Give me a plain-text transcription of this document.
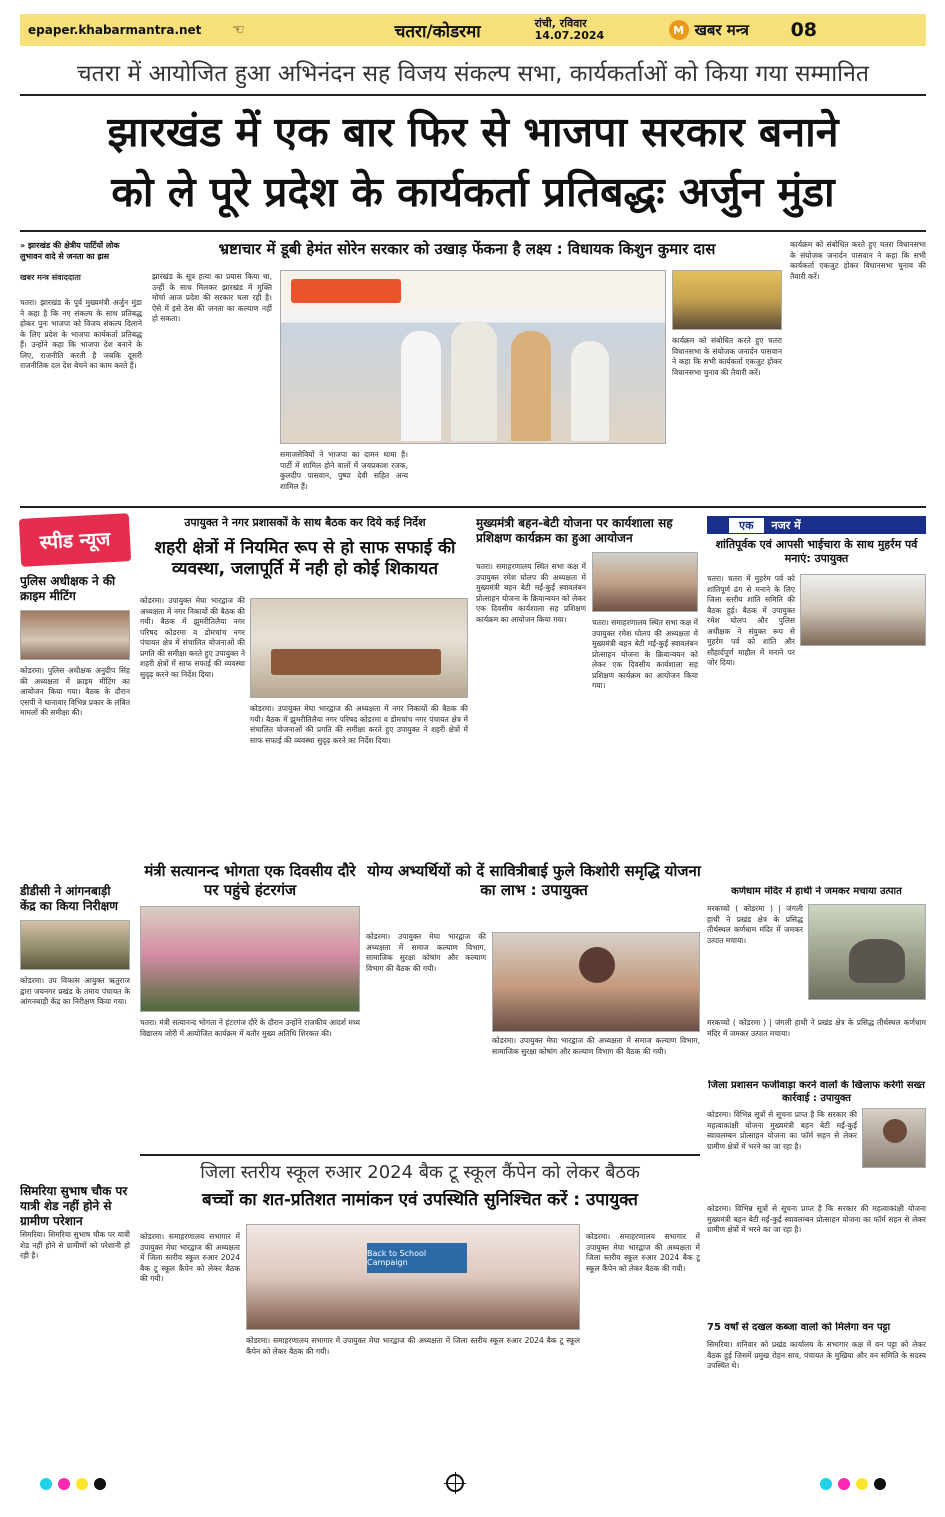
epaper.khabarmantra.net	☜	चतरा/कोडरमा	रांची, रविवार
14.07.2024	M खबर मन्त्र	08
चतरा में आयोजित हुआ अभिनंदन सह विजय संकल्प सभा, कार्यकर्ताओं को किया गया सम्मानित
झारखंड में एक बार फिर से भाजपा सरकार बनाने
को ले पूरे प्रदेश के कार्यकर्ता प्रतिबद्धः अर्जुन मुंडा
» झारखंड की क्षेत्रीय पार्टियों लोक लुभावन वादे से जनता का ह्रास
खबर मन्त्र संवाददाता
चतरा। झारखंड के पूर्व मुख्यमंत्री अर्जुन मुंडा ने कहा है कि नए संकल्प के साथ प्रतिबद्ध होकर पुनः भाजपा को विजय संकल्प दिलाने के लिए प्रदेश के भाजपा कार्यकर्ता प्रतिबद्ध हैं। उन्होंने कहा कि भाजपा देश बनाने के लिए, राजनीति करती है जबकि दूसरी राजनीतिक दल देश बेचने का काम करते हैं।
भ्रष्टाचार में डूबी हेमंत सोरेन सरकार को उखाड़ फेंकना है लक्ष्य : विधायक किशुन कुमार दास
झारखंड के सूत्र हत्या का प्रयास किया था, उन्हीं के साथ मिलकर झारखंड में मुक्ति मोर्चा आज प्रदेश की सरकार चला रही है। ऐसे में इसे ठेस की जनता का कल्याण नहीं हो सकता।
समाजसेवियों ने भाजपा का दामन थामा है। पार्टी में शामिल होने वालों में जयप्रकाश रजक, कुलदीप पासवान, पुष्पा देवी सहित अन्य शामिल हैं।
कार्यक्रम को संबोधित करते हुए चतरा विधानसभा के संयोजक जनार्दन पासवान ने कहा कि सभी कार्यकर्ता एकजुट होकर विधानसभा चुनाव की तैयारी करें।
कार्यक्रम को संबोधित करते हुए चतरा विधानसभा के संयोजक जनार्दन पासवान ने कहा कि सभी कार्यकर्ता एकजुट होकर विधानसभा चुनाव की तैयारी करें।
स्पीड न्यूज
पुलिस अधीक्षक ने की क्राइम मीटिंग
कोडरमा। पुलिस अधीक्षक अनुदीप सिंह की अध्यक्षता में क्राइम मीटिंग का आयोजन किया गया। बैठक के दौरान एसपी ने थानावार विभिन्न प्रकार के लंबित मामलों की समीक्षा की।
डीडीसी ने आंगनबाड़ी केंद्र का किया निरीक्षण
कोडरमा। उप विकास आयुक्त ऋतुराज द्वारा जयनगर प्रखंड के तमाय पंचायत के आंगनबाड़ी केंद्र का निरीक्षण किया गया।
सिमरिया सुभाष चौक पर यात्री शेड नहीं होने से ग्रामीण परेशान
सिमरिया। सिमरिया सुभाष चौक पर यात्री शेड नहीं होने से ग्रामीणों को परेशानी हो रही है।
उपायुक्त ने नगर प्रशासकों के साथ बैठक कर दिये कई निर्देश
शहरी क्षेत्रों में नियमित रूप से हो साफ सफाई की व्यवस्था, जलापूर्ति में नही हो कोई शिकायत
कोडरमा। उपायुक्त मेघा भारद्वाज की अध्यक्षता में नगर निकायों की बैठक की गयी। बैठक में झुमरीतिलैया नगर परिषद कोडरमा व डोमचांच नगर पंचायत क्षेत्र में संचालित योजनाओं की प्रगति की समीक्षा करते हुए उपायुक्त ने शहरी क्षेत्रों में साफ सफाई की व्यवस्था सुदृढ़ करने का निर्देश दिया।
कोडरमा। उपायुक्त मेघा भारद्वाज की अध्यक्षता में नगर निकायों की बैठक की गयी। बैठक में झुमरीतिलैया नगर परिषद कोडरमा व डोमचांच नगर पंचायत क्षेत्र में संचालित योजनाओं की प्रगति की समीक्षा करते हुए उपायुक्त ने शहरी क्षेत्रों में साफ सफाई की व्यवस्था सुदृढ़ करने का निर्देश दिया।
मुख्यमंत्री बहन-बेटी योजना पर कार्यशाला सह प्रशिक्षण कार्यक्रम का हुआ आयोजन
चतरा। समाहरणालय स्थित सभा कक्ष में उपायुक्त रमेश घोलप की अध्यक्षता में मुख्यमंत्री बहन बेटी मईं-कुईं स्वावलंबन प्रोत्साहन योजना के क्रियान्वयन को लेकर एक दिवसीय कार्यशाला सह प्रशिक्षण कार्यक्रम का आयोजन किया गया।	चतरा। समाहरणालय स्थित सभा कक्ष में उपायुक्त रमेश घोलप की अध्यक्षता में मुख्यमंत्री बहन बेटी मईं-कुईं स्वावलंबन प्रोत्साहन योजना के क्रियान्वयन को लेकर एक दिवसीय कार्यशाला सह प्रशिक्षण कार्यक्रम का आयोजन किया गया।
एक	नजर में
शांतिपूर्वक एवं आपसी भाईचारा के साथ मुहर्रम पर्व मनाएं: उपायुक्त
चतरा। चतरा में मुहर्रम पर्व को शांतिपूर्ण ढंग से मनाने के लिए जिला स्तरीय शांति समिति की बैठक हुई। बैठक में उपायुक्त रमेश घोलप और पुलिस अधीक्षक ने संयुक्त रूप से मुहर्रम पर्व को शांति और सौहार्दपूर्ण माहौल में मनाने पर जोर दिया।
कर्णधाम मंदिर में हाथी ने जमकर मचाया उत्पात
मरकच्चो ( कोडरमा ) | जंगली हाथी ने प्रखंड क्षेत्र के प्रसिद्ध तीर्थस्थल कर्णधाम मंदिर में जमकर उत्पात मचाया।
मरकच्चो ( कोडरमा ) | जंगली हाथी ने प्रखंड क्षेत्र के प्रसिद्ध तीर्थस्थल कर्णधाम मंदिर में जमकर उत्पात मचाया।
जिला प्रशासन फर्जीवाड़ा करने वालों के खिलाफ करेगी सख्त कार्रवाई : उपायुक्त
कोडरमा। विभिन्न सूत्रों से सूचना प्राप्त है कि सरकार की महत्वाकांक्षी योजना मुख्यमंत्री बहन बेटी मईं-कुईं स्वावलम्बन प्रोत्साहन योजना का फॉर्म सहन से लेकर ग्रामीण क्षेत्रों में भरने का जा रहा है।
कोडरमा। विभिन्न सूत्रों से सूचना प्राप्त है कि सरकार की महत्वाकांक्षी योजना मुख्यमंत्री बहन बेटी मईं-कुईं स्वावलम्बन प्रोत्साहन योजना का फॉर्म सहन से लेकर ग्रामीण क्षेत्रों में भरने का जा रहा है।
75 वर्षों से दखल कब्जा वालो को मिलेगा वन पट्टा
सिमरिया। शनिवार को प्रखंड कार्यालय के सभागार कक्ष में वन पट्टा को लेकर बैठक हुई जिसमें प्रमुख रोहन साव, पंचायत के मुखिया और वन समिति के सदस्य उपस्थित थे।
मंत्री सत्यानन्द भोगता एक दिवसीय दौरे पर पहुंचे हंटरगंज
चतरा। मंत्री सत्यानन्द भोगता ने हंटरगंज दौरे के दौरान उन्होंने राजकीय आदर्श मध्य विद्यालय जोरी में आयोजित कार्यक्रम में बतौर मुख्य अतिथि शिरकत की।
योग्य अभ्यर्थियों को दें सावित्रीबाई फुले किशोरी समृद्धि योजना का लाभ : उपायुक्त
कोडरमा। उपायुक्त मेघा भारद्वाज की अध्यक्षता में समाज कल्याण विभाग, सामाजिक सुरक्षा कोषांग और कल्याण विभाग की बैठक की गयी।
कोडरमा। उपायुक्त मेघा भारद्वाज की अध्यक्षता में समाज कल्याण विभाग, सामाजिक सुरक्षा कोषांग और कल्याण विभाग की बैठक की गयी।
जिला स्तरीय स्कूल रुआर 2024 बैक टू स्कूल कैंपेन को लेकर बैठक
बच्चों का शत-प्रतिशत नामांकन एवं उपस्थिति सुनिश्चित करें : उपायुक्त
कोडरमा। समाहरणालय सभागार में उपायुक्त मेघा भारद्वाज की अध्यक्षता में जिला स्तरीय स्कूल रुआर 2024 बैक टू स्कूल कैंपेन को लेकर बैठक की गयी।
Back to School Campaign
कोडरमा। समाहरणालय सभागार में उपायुक्त मेघा भारद्वाज की अध्यक्षता में जिला स्तरीय स्कूल रुआर 2024 बैक टू स्कूल कैंपेन को लेकर बैठक की गयी।
कोडरमा। समाहरणालय सभागार में उपायुक्त मेघा भारद्वाज की अध्यक्षता में जिला स्तरीय स्कूल रुआर 2024 बैक टू स्कूल कैंपेन को लेकर बैठक की गयी।
